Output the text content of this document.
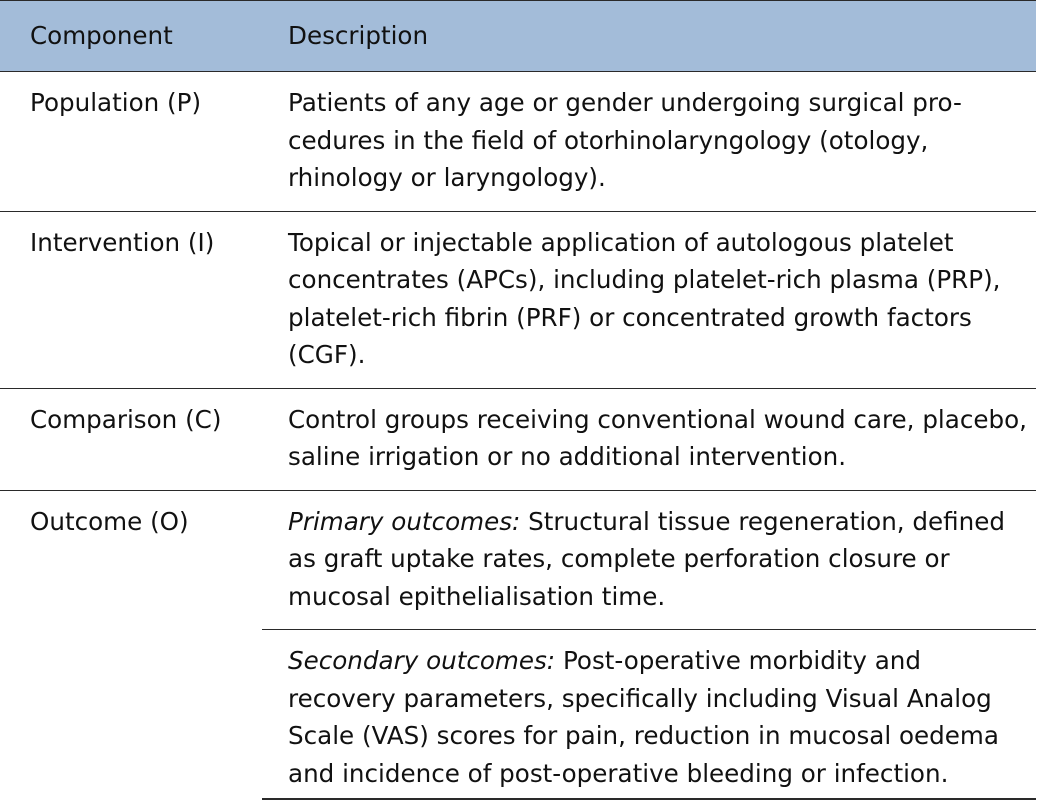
Component	Description
Population (P)	Patients of any age or gender undergoing surgical pro-cedures in the field of otorhinolaryngology (otology, rhinology or laryngology).
Intervention (I)	Topical or injectable application of autologous platelet concentrates (APCs), including platelet-rich plasma (PRP), platelet-rich fibrin (PRF) or concentrated growth factors (CGF).
Comparison (C)	Control groups receiving conventional wound care, placebo, saline irrigation or no additional intervention.
Outcome (O)	Primary outcomes: Structural tissue regeneration, defined as graft uptake rates, complete perforation closure or mucosal epithelialisation time.
	Secondary outcomes: Post-operative morbidity and recovery parameters, specifically including Visual Analog Scale (VAS) scores for pain, reduction in mucosal oedema and incidence of post-operative bleeding or infection.
